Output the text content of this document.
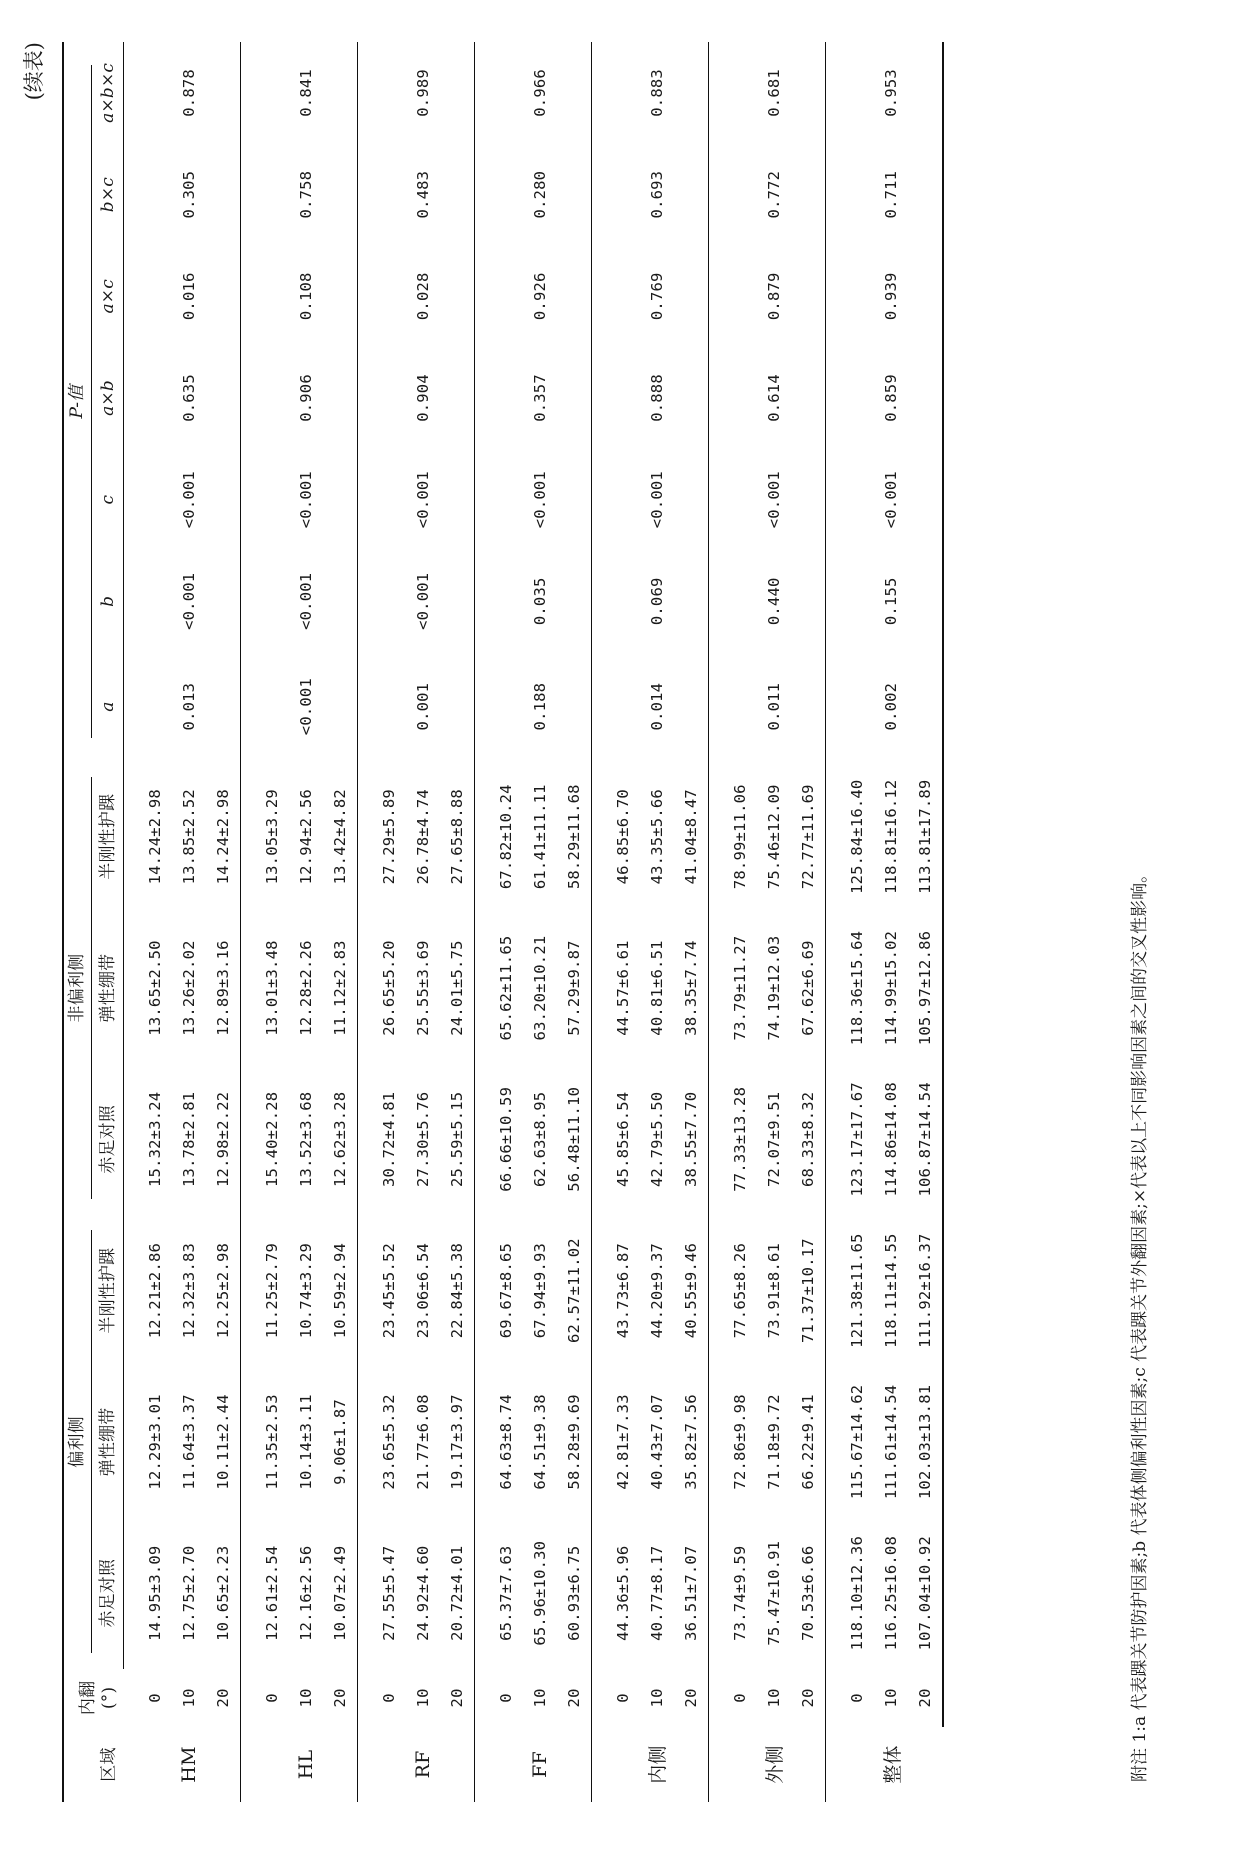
(续表)
区域	内翻 (°)	偏利侧			非偏利侧			P-值						
		赤足对照	弹性绷带	半刚性护踝	赤足对照	弹性绷带	半刚性护踝	a	b	c	a×b	a×c	b×c	a×b×c

HM	0	14.95±3.09	12.29±3.01	12.21±2.86	15.32±3.24	13.65±2.50	14.24±2.98							
	10	12.75±2.70	11.64±3.37	12.32±3.83	13.78±2.81	13.26±2.02	13.85±2.52	0.013	<0.001	<0.001	0.635	0.016	0.305	0.878
	20	10.65±2.23	10.11±2.44	12.25±2.98	12.98±2.22	12.89±3.16	14.24±2.98							

HL	0	12.61±2.54	11.35±2.53	11.25±2.79	15.40±2.28	13.01±3.48	13.05±3.29							
	10	12.16±2.56	10.14±3.11	10.74±3.29	13.52±3.68	12.28±2.26	12.94±2.56	<0.001	<0.001	<0.001	0.906	0.108	0.758	0.841
	20	10.07±2.49	9.06±1.87	10.59±2.94	12.62±3.28	11.12±2.83	13.42±4.82							

RF	0	27.55±5.47	23.65±5.32	23.45±5.52	30.72±4.81	26.65±5.20	27.29±5.89							
	10	24.92±4.60	21.77±6.08	23.06±6.54	27.30±5.76	25.55±3.69	26.78±4.74	0.001	<0.001	<0.001	0.904	0.028	0.483	0.989
	20	20.72±4.01	19.17±3.97	22.84±5.38	25.59±5.15	24.01±5.75	27.65±8.88							

FF	0	65.37±7.63	64.63±8.74	69.67±8.65	66.66±10.59	65.62±11.65	67.82±10.24							
	10	65.96±10.30	64.51±9.38	67.94±9.93	62.63±8.95	63.20±10.21	61.41±11.11	0.188	0.035	<0.001	0.357	0.926	0.280	0.966
	20	60.93±6.75	58.28±9.69	62.57±11.02	56.48±11.10	57.29±9.87	58.29±11.68							

内侧	0	44.36±5.96	42.81±7.33	43.73±6.87	45.85±6.54	44.57±6.61	46.85±6.70							
	10	40.77±8.17	40.43±7.07	44.20±9.37	42.79±5.50	40.81±6.51	43.35±5.66	0.014	0.069	<0.001	0.888	0.769	0.693	0.883
	20	36.51±7.07	35.82±7.56	40.55±9.46	38.55±7.70	38.35±7.74	41.04±8.47							

外侧	0	73.74±9.59	72.86±9.98	77.65±8.26	77.33±13.28	73.79±11.27	78.99±11.06							
	10	75.47±10.91	71.18±9.72	73.91±8.61	72.07±9.51	74.19±12.03	75.46±12.09	0.011	0.440	<0.001	0.614	0.879	0.772	0.681
	20	70.53±6.66	66.22±9.41	71.37±10.17	68.33±8.32	67.62±6.69	72.77±11.69							

整体	0	118.10±12.36	115.67±14.62	121.38±11.65	123.17±17.67	118.36±15.64	125.84±16.40							
	10	116.25±16.08	111.61±14.54	118.11±14.55	114.86±14.08	114.99±15.02	118.81±16.12	0.002	0.155	<0.001	0.859	0.939	0.711	0.953
	20	107.04±10.92	102.03±13.81	111.92±16.37	106.87±14.54	105.97±12.86	113.81±17.89							
附注 1:a 代表踝关节防护因素;b 代表体侧偏利性因素;c 代表踝关节外翻因素;×代表以上不同影响因素之间的交叉性影响。
